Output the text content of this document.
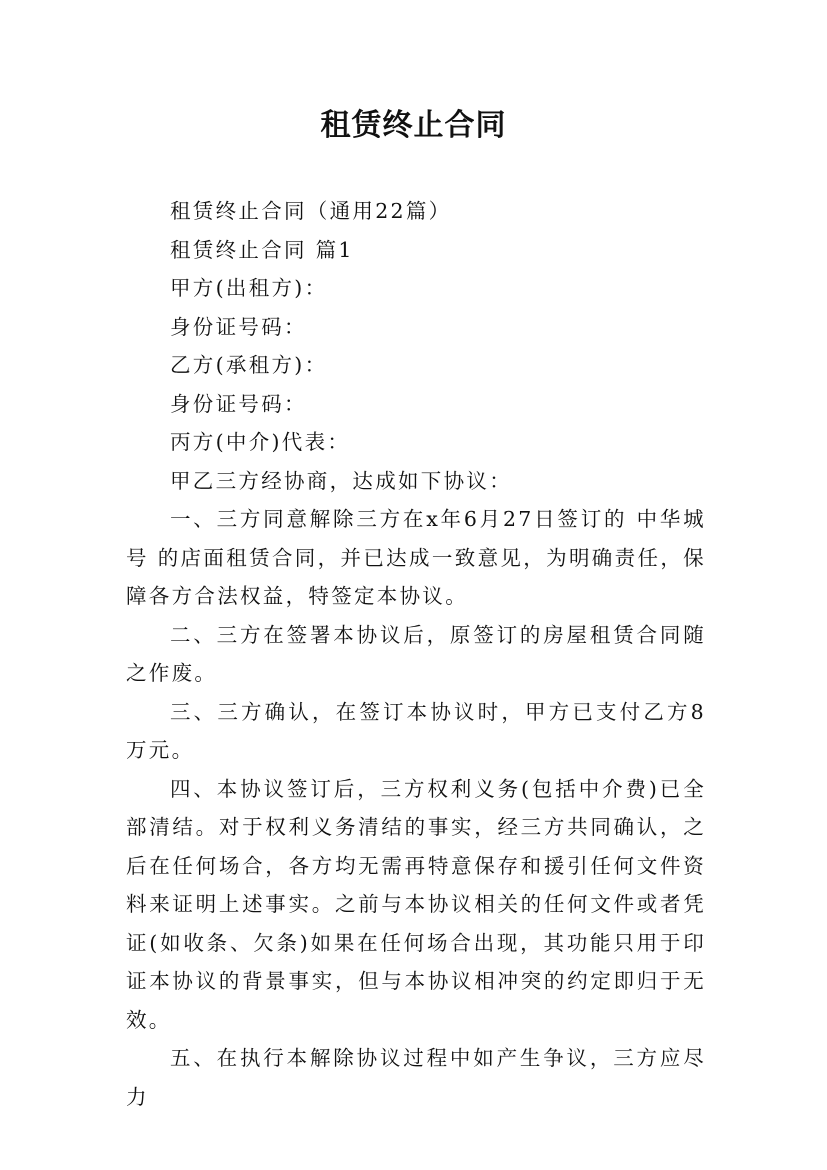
租赁终止合同
租赁终止合同（通用22篇）
租赁终止合同 篇1
甲方(出租方)：
身份证号码：
乙方(承租方)：
身份证号码：
丙方(中介)代表：
甲乙三方经协商，达成如下协议：

一、三方同意解除三方在x年6月27日签订的 中华城号 的店面租赁合同，并已达成一致意见，为明确责任，保障各方合法权益，特签定本协议。

二、三方在签署本协议后，原签订的房屋租赁合同随之作废。

三、三方确认，在签订本协议时，甲方已支付乙方8万元。

四、本协议签订后，三方权利义务(包括中介费)已全部清结。对于权利义务清结的事实，经三方共同确认，之后在任何场合，各方均无需再特意保存和援引任何文件资料来证明上述事实。之前与本协议相关的任何文件或者凭证(如收条、欠条)如果在任何场合出现，其功能只用于印证本协议的背景事实，但与本协议相冲突的约定即归于无效。

五、在执行本解除协议过程中如产生争议，三方应尽力
